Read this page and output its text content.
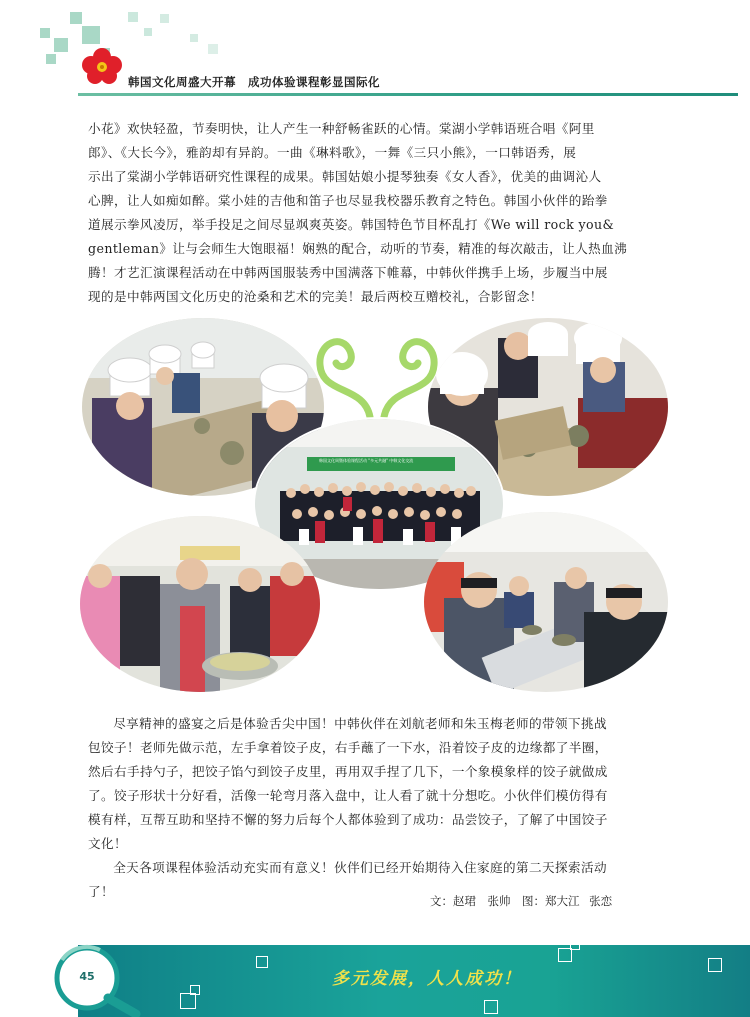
韩国文化周盛大开幕　成功体验课程彰显国际化

小花》欢快轻盈，节奏明快，让人产生一种舒畅雀跃的心情。棠湖小学韩语班合唱《阿里

郎》、《大长今》，雅韵却有异韵。一曲《琳料歌》，一舞《三只小熊》，一口韩语秀，展

示出了棠湖小学韩语研究性课程的成果。韩国姑娘小提琴独奏《女人香》，优美的曲调沁人

心脾，让人如痴如醉。棠小娃的吉他和笛子也尽显我校器乐教育之特色。韩国小伙伴的跆拳

道展示拳风凌厉，举手投足之间尽显飒爽英姿。韩国特色节目杯乱打《We will rock you&

gentleman》让与会师生大饱眼福！娴熟的配合，动听的节奏，精准的每次敲击，让人热血沸

腾！才艺汇演课程活动在中韩两国服装秀中国满落下帷幕，中韩伙伴携手上场，步履当中展

现的是中韩两国文化历史的沧桑和艺术的完美！最后两校互赠校礼，合影留念！

韩国文化周暨体验课程活动 "多元共融" 中韩文化交流

尽享精神的盛宴之后是体验舌尖中国！中韩伙伴在刘航老师和朱玉梅老师的带领下挑战

包饺子！老师先做示范，左手拿着饺子皮，右手蘸了一下水，沿着饺子皮的边缘都了半圈，

然后右手持勺子，把饺子馅勺到饺子皮里，再用双手捏了几下，一个象模象样的饺子就做成

了。饺子形状十分好看，活像一轮弯月落入盘中，让人看了就十分想吃。小伙伴们模仿得有

模有样，互帮互助和坚持不懈的努力后每个人都体验到了成功：品尝饺子，了解了中国饺子

文化！

全天各项课程体验活动充实而有意义！伙伴们已经开始期待入住家庭的第二天探索活动

了！

文：赵珺　张帅　图：郑大江 张恋
45	多元发展，人人成功！
